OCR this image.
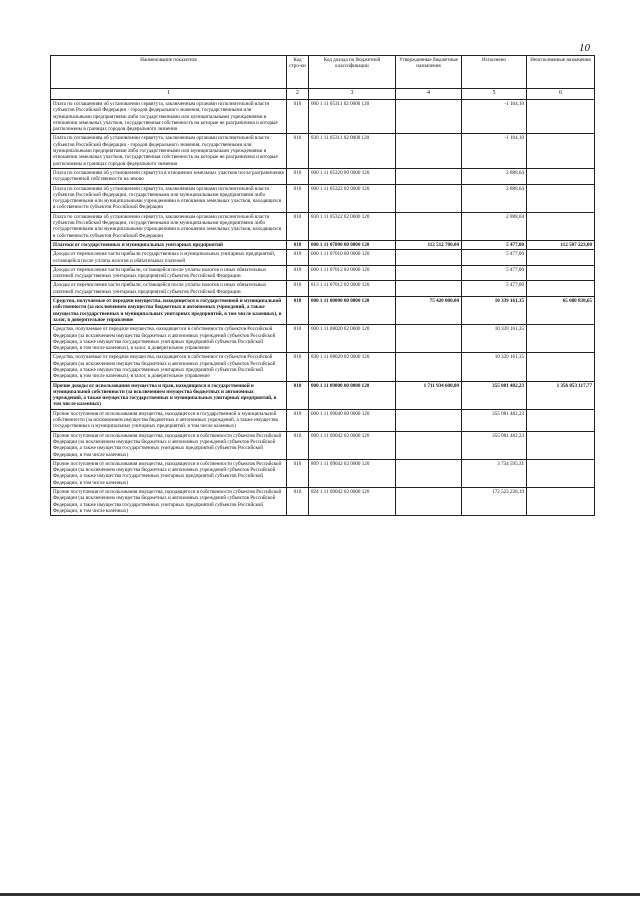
10
Наименование показателя	Код стро-ки	Код дохода по бюджетной классификации	Утвержденные бюджетные назначения	Исполнено	Неисполненные назначения
1	2	3	4	5	6
Плата по соглашениям об установлении сервитута, заключенным органами исполнительной власти субъектов Российской Федерации - городов федерального значения, государственными или муниципальными предприятиями либо государственными или муниципальными учреждениями в отношении земельных участков, государственная собственность на которые не разграничена и которые расположены в границах городов федерального значения	010	000 1 11 05311 02 0000 120		-1 104,10	
Плата по соглашениям об установлении сервитута, заключенным органами исполнительной власти субъектов Российской Федерации - городов федерального значения, государственными или муниципальными предприятиями либо государственными или муниципальными учреждениями в отношении земельных участков, государственная собственность на которые не разграничена и которые расположены в границах городов федерального значения	010	830 1 11 05311 02 0000 120		-1 104,10	
Плата по соглашениям об установлении сервитута в отношении земельных участков после разграничения государственной собственности на землю	010	000 1 11 05320 00 0000 120		2 888,64	
Плата по соглашениям об установлении сервитута, заключенным органами исполнительной власти субъектов Российской Федерации, государственными или муниципальными предприятиями либо государственными или муниципальными учреждениями в отношении земельных участков, находящихся в собственности субъектов Российской Федерации	010	000 1 11 05322 02 0000 120		2 888,64	
Плата по соглашениям об установлении сервитута, заключенным органами исполнительной власти субъектов Российской Федерации, государственными или муниципальными предприятиями либо государственными или муниципальными учреждениями в отношении земельных участков, находящихся в собственности субъектов Российской Федерации	010	830 1 11 05322 02 0000 120		2 888,64	
Платежи от государственных и муниципальных унитарных предприятий	010	000 1 11 07000 00 0000 120	112 512 700,00	5 477,00	112 507 223,00
Доходы от перечисления части прибыли государственных и муниципальных унитарных предприятий, остающейся после уплаты налогов и обязательных платежей	010	000 1 11 07010 00 0000 120		5 477,00	
Доходы от перечисления части прибыли, остающейся после уплаты налогов и иных обязательных платежей государственных унитарных предприятий субъектов Российской Федерации	010	000 1 11 07012 02 0000 120		5 477,00	
Доходы от перечисления части прибыли, остающейся после уплаты налогов и иных обязательных платежей государственных унитарных предприятий субъектов Российской Федерации	010	813 1 11 07012 02 0000 120		5 477,00	
Средства, получаемые от передачи имущества, находящегося в государственной и муниципальной собственности (за исключением имущества бюджетных и автономных учреждений, а также имущества государственных и муниципальных унитарных предприятий, в том числе казенных), в залог, в доверительное управление	010	000 1 11 08000 00 0000 120	75 420 000,00	10 339 161,35	65 080 838,65
Средства, получаемые от передачи имущества, находящегося в собственности субъектов Российской Федерации (за исключением имущества бюджетных и автономных учреждений субъектов Российской Федерации, а также имущества государственных унитарных предприятий субъектов Российской Федерации, в том числе казенных), в залог, в доверительное управление	010	000 1 11 08020 02 0000 120		10 339 161,35	
Средства, получаемые от передачи имущества, находящегося в собственности субъектов Российской Федерации (за исключением имущества бюджетных и автономных учреждений субъектов Российской Федерации, а также имущества государственных унитарных предприятий субъектов Российской Федерации, в том числе казенных), в залог, в доверительное управление	010	830 1 11 08020 02 0000 120		10 339 161,35	
Прочие доходы от использования имущества и прав, находящихся в государственной и муниципальной собственности (за исключением имущества бюджетных и автономных учреждений, а также имущества государственных и муниципальных унитарных предприятий, в том числе казенных)	010	000 1 11 09000 00 0000 120	1 711 934 600,00	355 081 482,23	1 356 853 117,77
Прочие поступления от использования имущества, находящегося в государственной и муниципальной собственности (за исключением имущества бюджетных и автономных учреждений, а также имущества государственных и муниципальных унитарных предприятий, в том числе казенных)	010	000 1 11 09040 00 0000 120		355 081 482,23	
Прочие поступления от использования имущества, находящегося в собственности субъектов Российской Федерации (за исключением имущества бюджетных и автономных учреждений субъектов Российской Федерации, а также имущества государственных унитарных предприятий субъектов Российской Федерации, в том числе казенных)	010	000 1 11 09042 02 0000 120		355 081 482,23	
Прочие поступления от использования имущества, находящегося в собственности субъектов Российской Федерации (за исключением имущества бюджетных и автономных учреждений субъектов Российской Федерации, а также имущества государственных унитарных предприятий субъектов Российской Федерации, в том числе казенных)	010	809 1 11 09042 02 0000 120		3 734 595,31	
Прочие поступления от использования имущества, находящегося в собственности субъектов Российской Федерации (за исключением имущества бюджетных и автономных учреждений субъектов Российской Федерации, а также имущества государственных унитарных предприятий субъектов Российской Федерации, в том числе казенных)	010	824 1 11 09042 02 0000 120		172 523 228,19	
